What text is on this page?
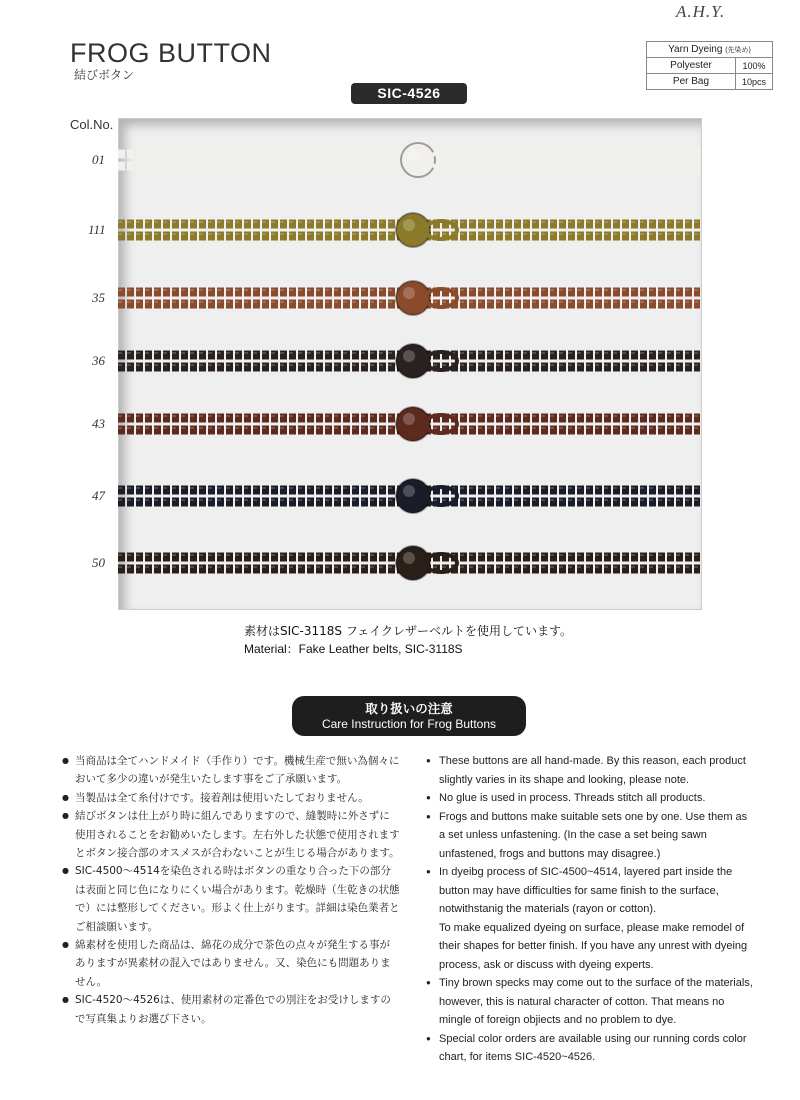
FROG BUTTON
結びボタン
A.H.Y.
Yarn Dyeing (先染め)	
Polyester	100%
Per Bag	10pcs
SIC-4526
Col.No.
01
111
35
36
43
47
50
素材はSIC-3118S フェイクレザーベルトを使用しています。
Material：Fake Leather belts, SIC-3118S
取り扱いの注意
Care Instruction for Frog Buttons
● 当商品は全てハンドメイド（手作り）です。機械生産で無い為個々において多少の違いが発生いたします事をご了承願います。
● 当製品は全て糸付けです。接着剤は使用いたしておりません。
● 結びボタンは仕上がり時に組んでありますので、縫製時に外さずに使用されることをお勧めいたします。左右外した状態で使用されますとボタン接合部のオスメスが合わないことが生じる場合があります。
● SIC-4500～4514を染色される時はボタンの重なり合った下の部分は表面と同じ色になりにくい場合があります。乾燥時（生乾きの状態で）には整形してください。形よく仕上がります。詳細は染色業者とご相談願います。
● 綿素材を使用した商品は、綿花の成分で茶色の点々が発生する事がありますが異素材の混入ではありません。又、染色にも問題ありません。
● SIC-4520～4526は、使用素材の定番色での別注をお受けしますので写真集よりお選び下さい。
● These buttons are all hand-made. By this reason, each product slightly varies in its shape and looking, please note.
● No glue is used in process. Threads stitch all products.
● Frogs and buttons make suitable sets one by one. Use them as a set unless unfastening. (In the case a set being sawn unfastened, frogs and buttons may disagree.)
● In dyeibg process of SIC-4500~4514, layered part inside the button may have difficulties for same finish to the surface, notwithstanig the materials (rayon or cotton).
To make equalized dyeing on surface, please make remodel of their shapes for better finish. If you have any unrest with dyeing process, ask or discuss with dyeing experts.
● Tiny brown specks may come out to the surface of the materials, however, this is natural character of cotton. That means no mingle of foreign objiects and no problem to dye.
● Special color orders are available using our running cords color chart, for items SIC-4520~4526.
